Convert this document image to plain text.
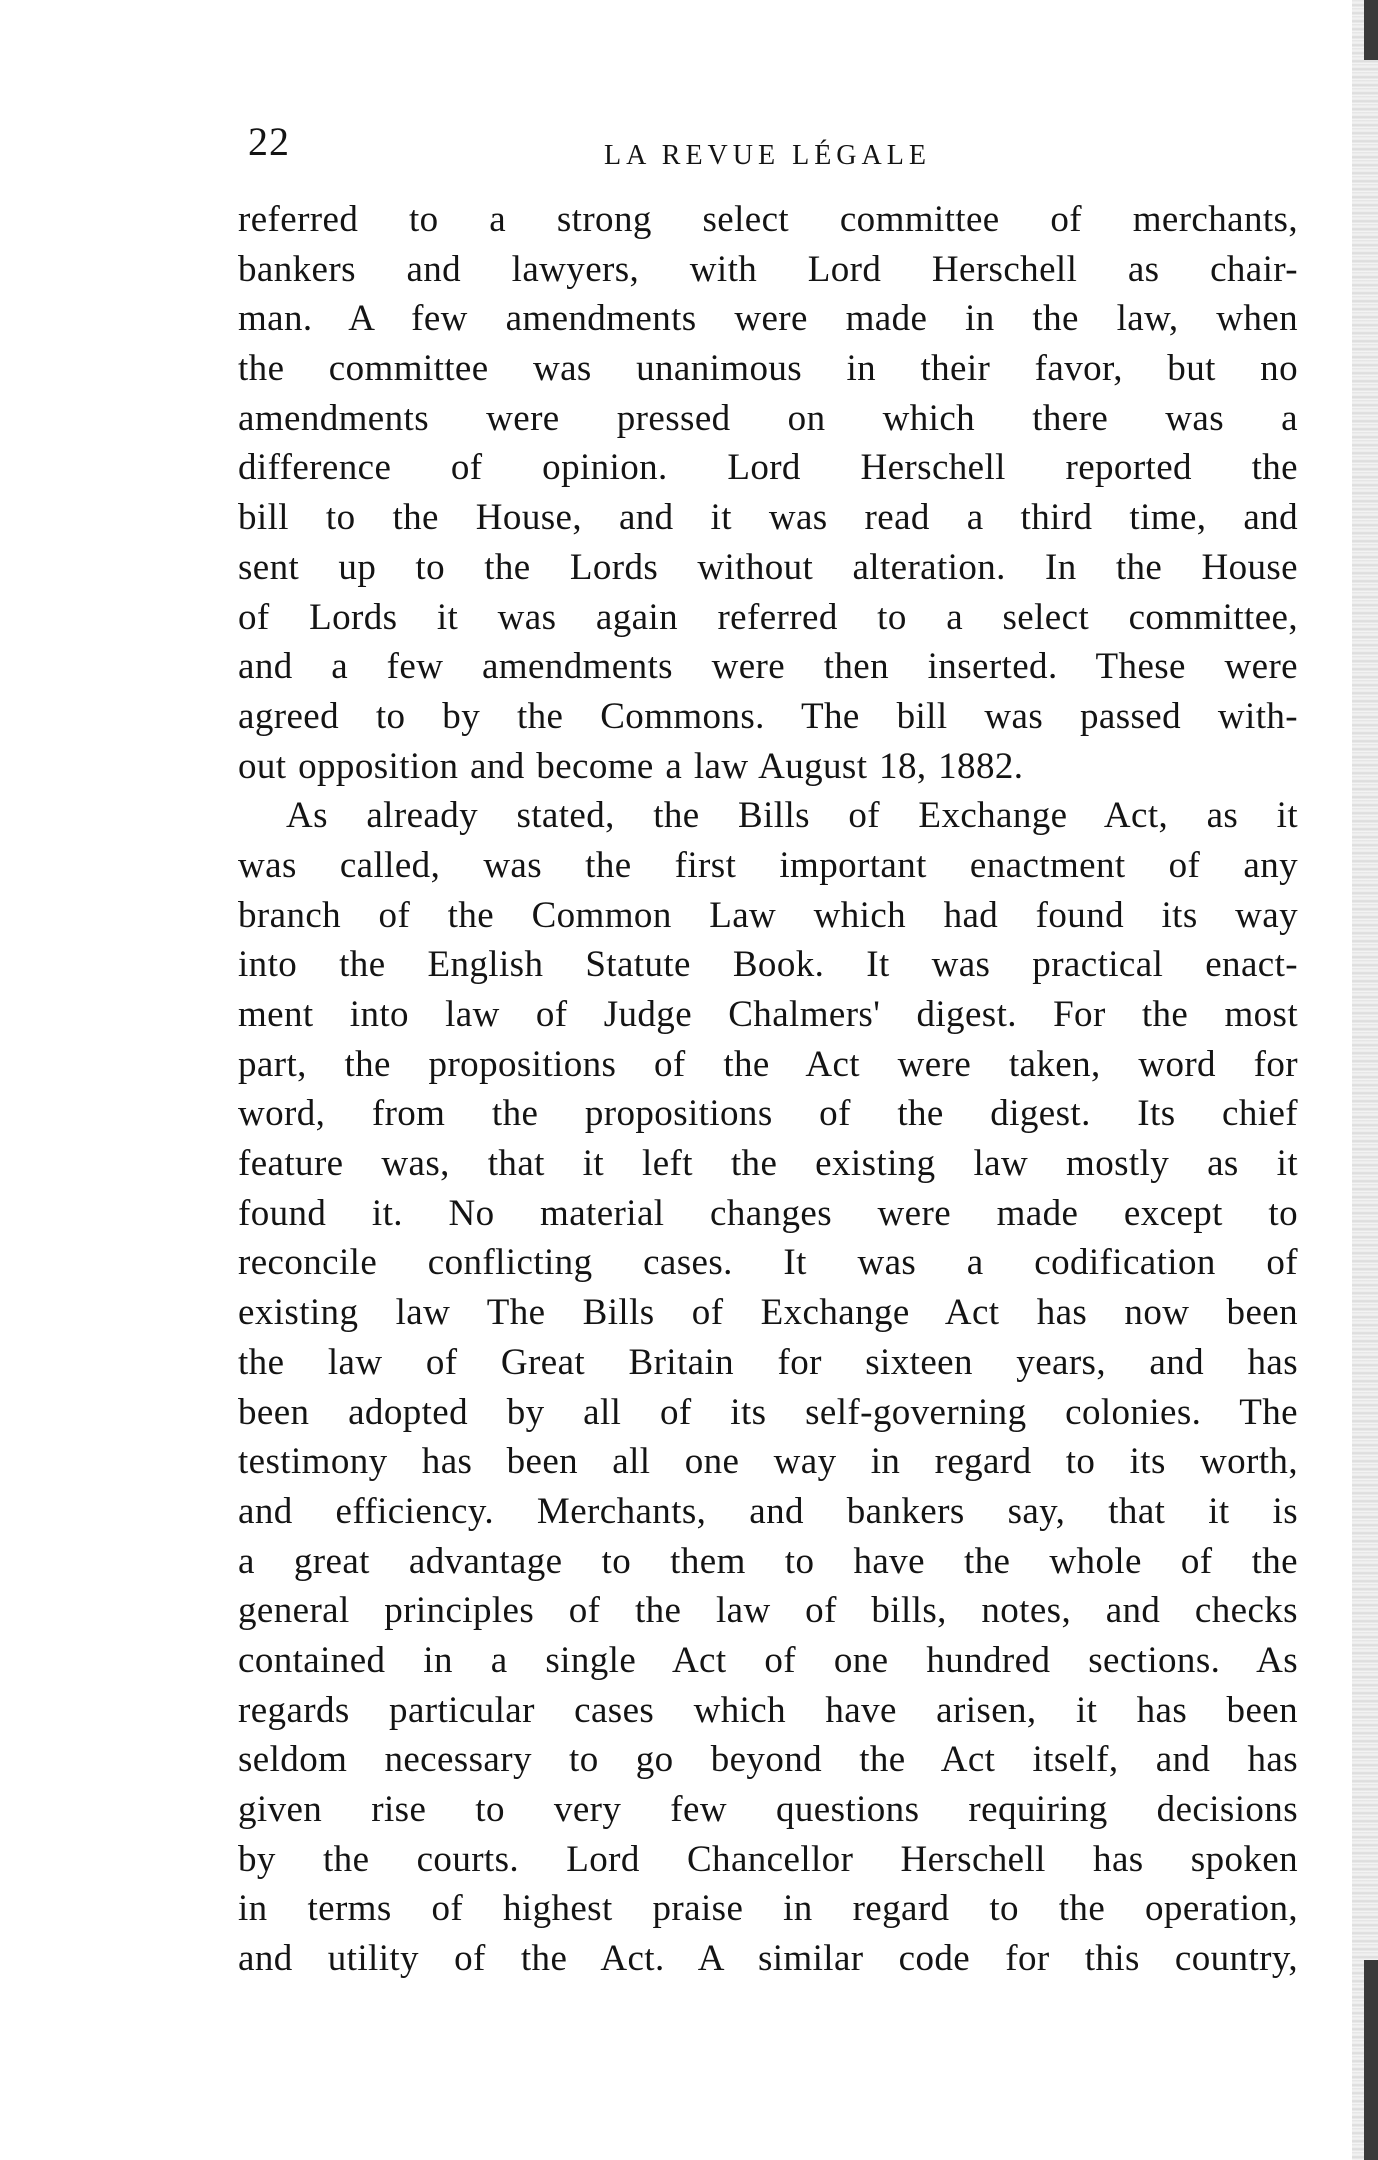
22	LA REVUE LÉGALE
referred to a strong select committee of merchants,
bankers and lawyers, with Lord Herschell as chair-
man. A few amendments were made in the law, when
the committee was unanimous in their favor, but no
amendments were pressed on which there was a
difference of opinion. Lord Herschell reported the
bill to the House, and it was read a third time, and
sent up to the Lords without alteration. In the House
of Lords it was again referred to a select committee,
and a few amendments were then inserted. These were
agreed to by the Commons. The bill was passed with-
out opposition and become a law August 18, 1882.
As already stated, the Bills of Exchange Act, as it
was called, was the first important enactment of any
branch of the Common Law which had found its way
into the English Statute Book. It was practical enact-
ment into law of Judge Chalmers' digest. For the most
part, the propositions of the Act were taken, word for
word, from the propositions of the digest. Its chief
feature was, that it left the existing law mostly as it
found it. No material changes were made except to
reconcile conflicting cases. It was a codification of
existing law The Bills of Exchange Act has now been
the law of Great Britain for sixteen years, and has
been adopted by all of its self-governing colonies. The
testimony has been all one way in regard to its worth,
and efficiency. Merchants, and bankers say, that it is
a great advantage to them to have the whole of the
general principles of the law of bills, notes, and checks
contained in a single Act of one hundred sections. As
regards particular cases which have arisen, it has been
seldom necessary to go beyond the Act itself, and has
given rise to very few questions requiring decisions
by the courts. Lord Chancellor Herschell has spoken
in terms of highest praise in regard to the operation,
and utility of the Act. A similar code for this country,
